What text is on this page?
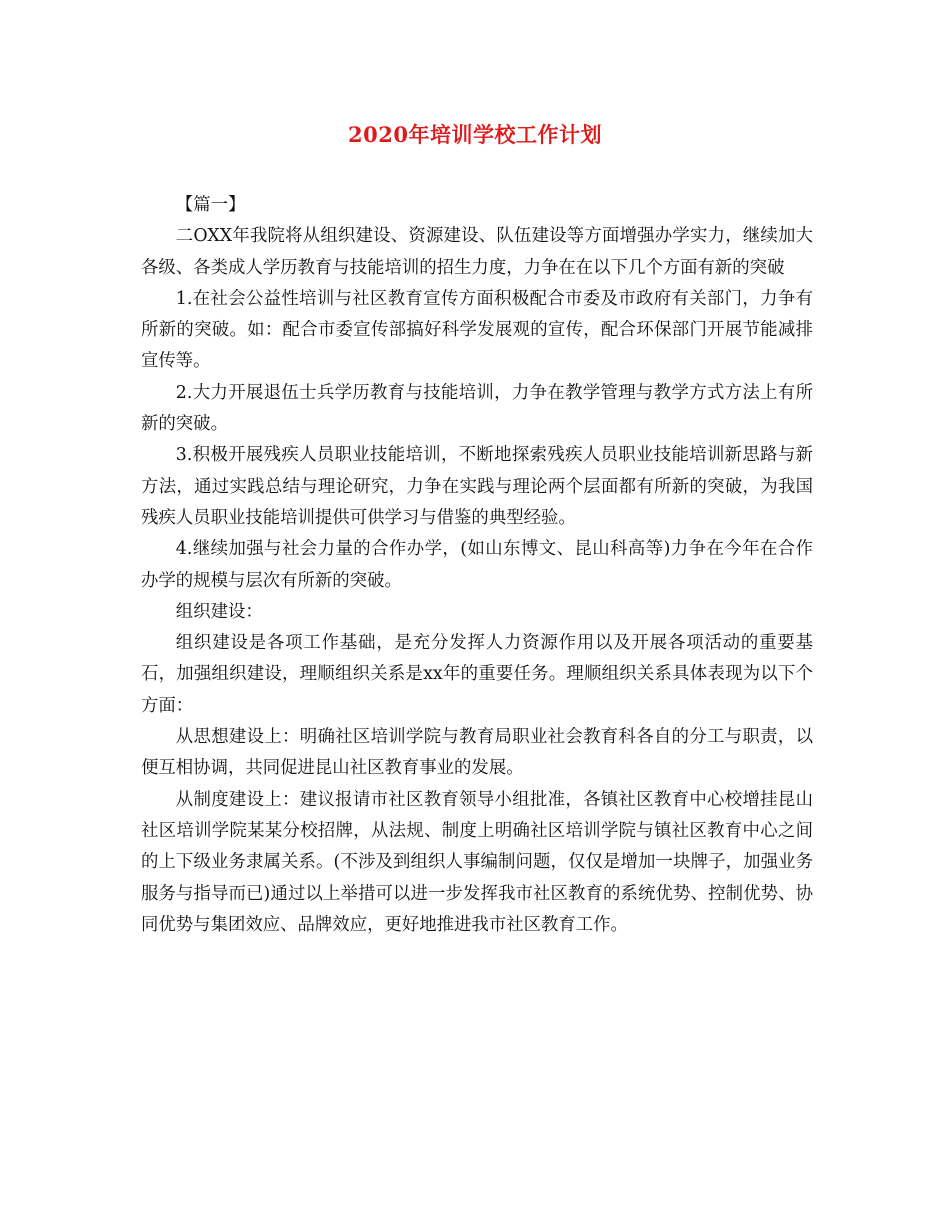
2020年培训学校工作计划

【篇一】

二OXX年我院将从组织建设、资源建设、队伍建设等方面增强办学实力，继续加大各级、各类成人学历教育与技能培训的招生力度，力争在在以下几个方面有新的突破

1.在社会公益性培训与社区教育宣传方面积极配合市委及市政府有关部门，力争有所新的突破。如：配合市委宣传部搞好科学发展观的宣传，配合环保部门开展节能减排宣传等。

2.大力开展退伍士兵学历教育与技能培训，力争在教学管理与教学方式方法上有所新的突破。

3.积极开展残疾人员职业技能培训，不断地探索残疾人员职业技能培训新思路与新方法，通过实践总结与理论研究，力争在实践与理论两个层面都有所新的突破，为我国残疾人员职业技能培训提供可供学习与借鉴的典型经验。

4.继续加强与社会力量的合作办学，(如山东博文、昆山科高等)力争在今年在合作办学的规模与层次有所新的突破。

组织建设：

组织建设是各项工作基础，是充分发挥人力资源作用以及开展各项活动的重要基石，加强组织建设，理顺组织关系是xx年的重要任务。理顺组织关系具体表现为以下个方面：

从思想建设上：明确社区培训学院与教育局职业社会教育科各自的分工与职责，以便互相协调，共同促进昆山社区教育事业的发展。

从制度建设上：建议报请市社区教育领导小组批准，各镇社区教育中心校增挂昆山社区培训学院某某分校招牌，从法规、制度上明确社区培训学院与镇社区教育中心之间的上下级业务隶属关系。(不涉及到组织人事编制问题，仅仅是增加一块牌子，加强业务服务与指导而已)通过以上举措可以进一步发挥我市社区教育的系统优势、控制优势、协同优势与集团效应、品牌效应，更好地推进我市社区教育工作。
